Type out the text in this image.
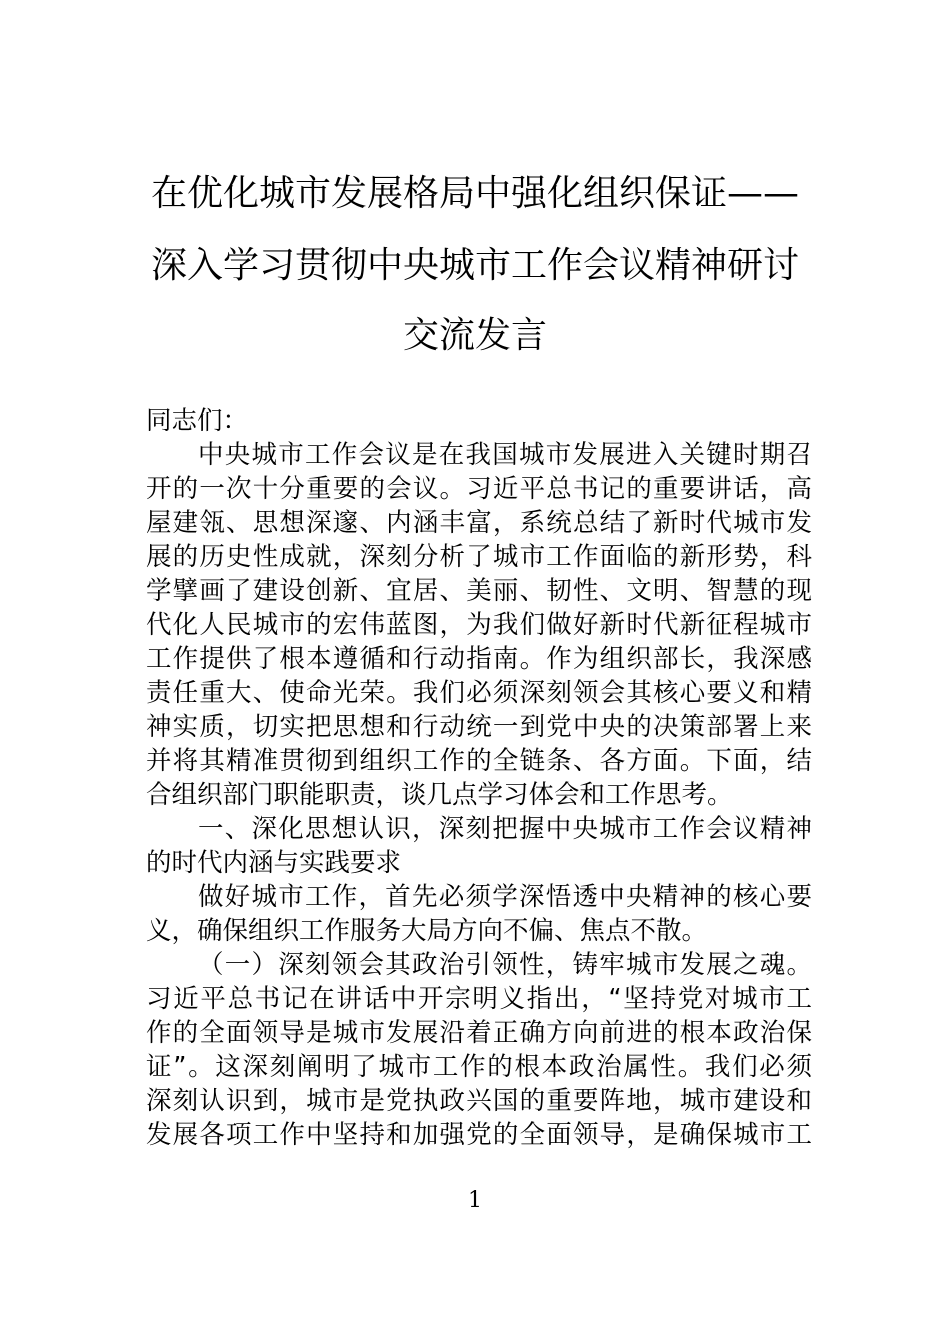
在优化城市发展格局中强化组织保证——
深入学习贯彻中央城市工作会议精神研讨
交流发言
同志们：
中央城市工作会议是在我国城市发展进入关键时期召
开的一次十分重要的会议。习近平总书记的重要讲话，高
屋建瓴、思想深邃、内涵丰富，系统总结了新时代城市发
展的历史性成就，深刻分析了城市工作面临的新形势，科
学擘画了建设创新、宜居、美丽、韧性、文明、智慧的现
代化人民城市的宏伟蓝图，为我们做好新时代新征程城市
工作提供了根本遵循和行动指南。作为组织部长，我深感
责任重大、使命光荣。我们必须深刻领会其核心要义和精
神实质，切实把思想和行动统一到党中央的决策部署上来
并将其精准贯彻到组织工作的全链条、各方面。下面，结
合组织部门职能职责，谈几点学习体会和工作思考。
一、深化思想认识，深刻把握中央城市工作会议精神
的时代内涵与实践要求
做好城市工作，首先必须学深悟透中央精神的核心要
义，确保组织工作服务大局方向不偏、焦点不散。
（一）深刻领会其政治引领性，铸牢城市发展之魂。
习近平总书记在讲话中开宗明义指出，“坚持党对城市工
作的全面领导是城市发展沿着正确方向前进的根本政治保
证”。这深刻阐明了城市工作的根本政治属性。我们必须
深刻认识到，城市是党执政兴国的重要阵地，城市建设和
发展各项工作中坚持和加强党的全面领导，是确保城市工
1
